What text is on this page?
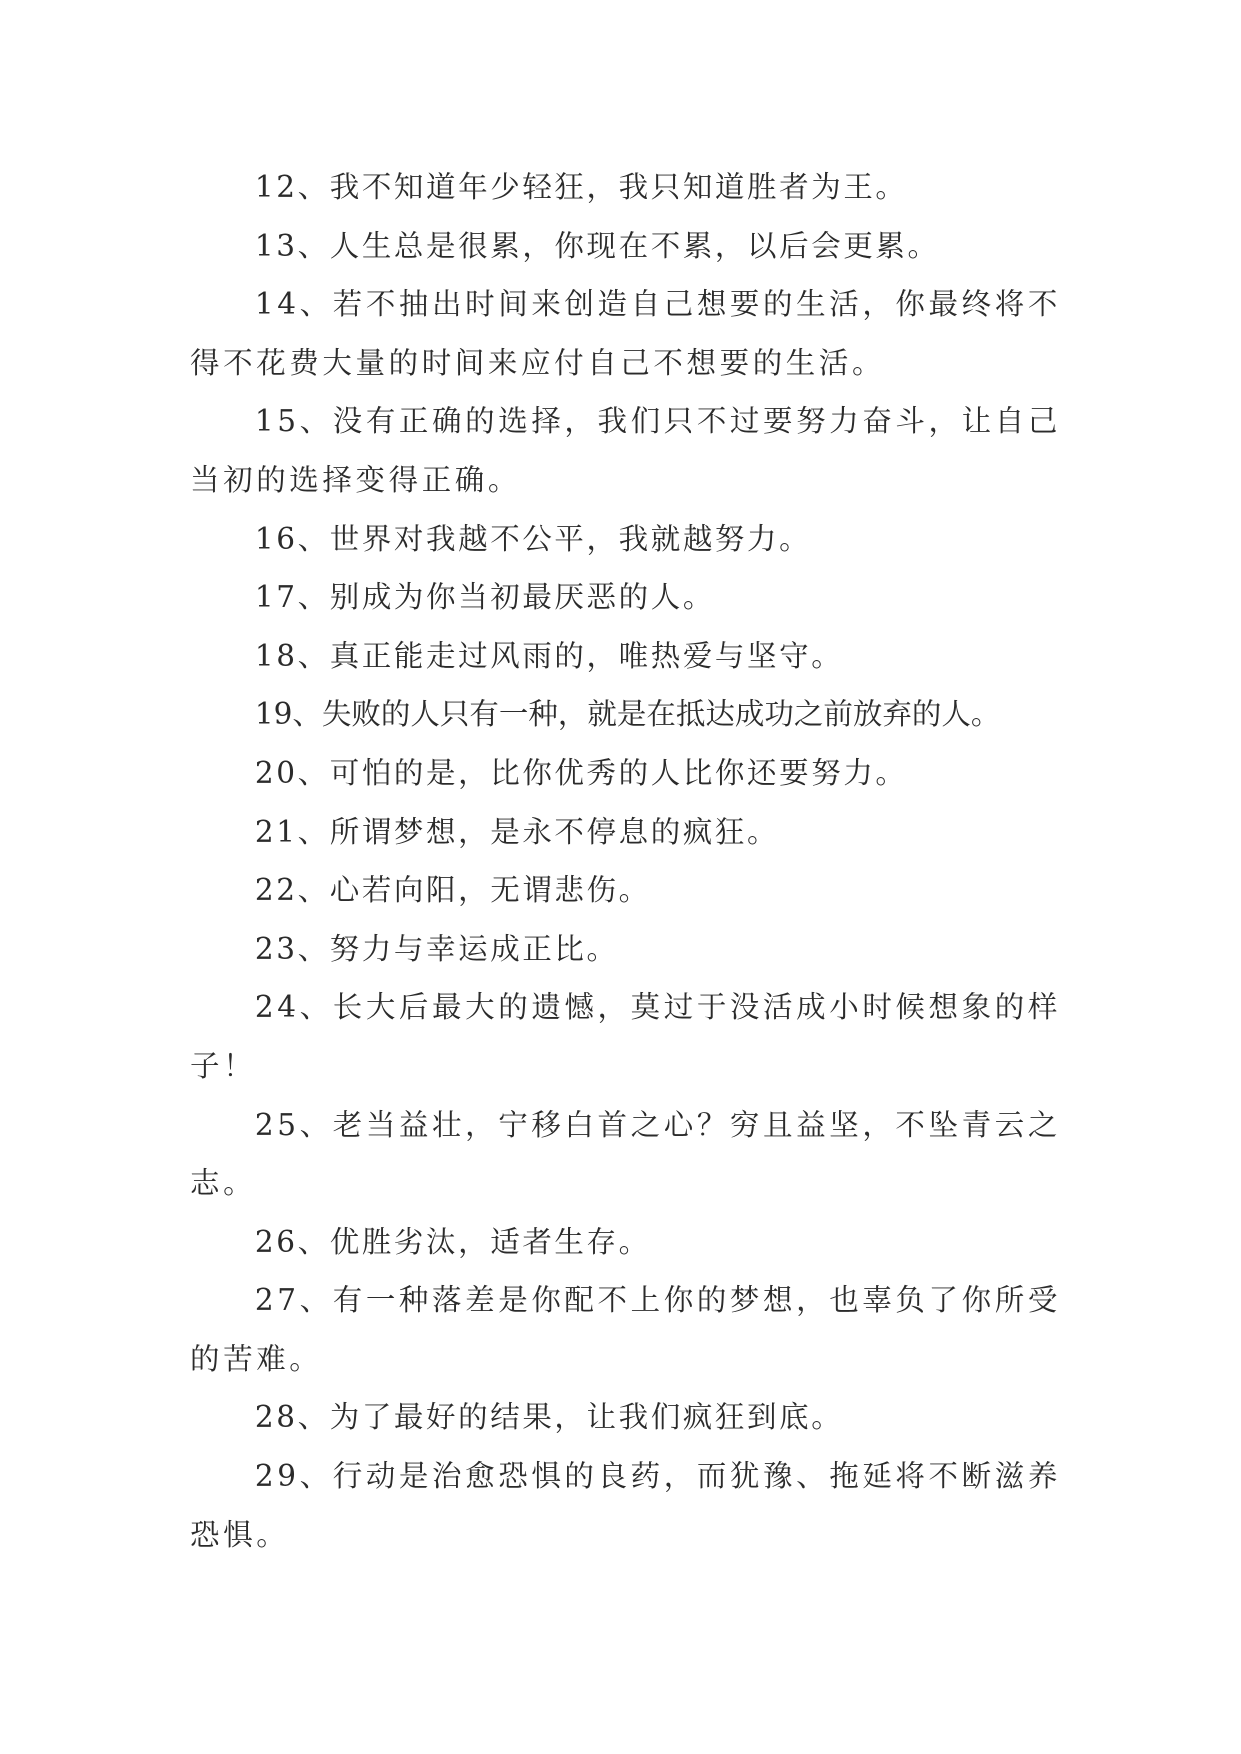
12、我不知道年少轻狂，我只知道胜者为王。

13、人生总是很累，你现在不累，以后会更累。

14、若不抽出时间来创造自己想要的生活，你最终将不
得不花费大量的时间来应付自己不想要的生活。

15、没有正确的选择，我们只不过要努力奋斗，让自己
当初的选择变得正确。

16、世界对我越不公平，我就越努力。

17、别成为你当初最厌恶的人。

18、真正能走过风雨的，唯热爱与坚守。

19、失败的人只有一种，就是在抵达成功之前放弃的人。

20、可怕的是，比你优秀的人比你还要努力。

21、所谓梦想，是永不停息的疯狂。

22、心若向阳，无谓悲伤。

23、努力与幸运成正比。

24、长大后最大的遗憾，莫过于没活成小时候想象的样
子！

25、老当益壮，宁移白首之心？穷且益坚，不坠青云之
志。

26、优胜劣汰，适者生存。

27、有一种落差是你配不上你的梦想，也辜负了你所受
的苦难。

28、为了最好的结果，让我们疯狂到底。

29、行动是治愈恐惧的良药，而犹豫、拖延将不断滋养
恐惧。
